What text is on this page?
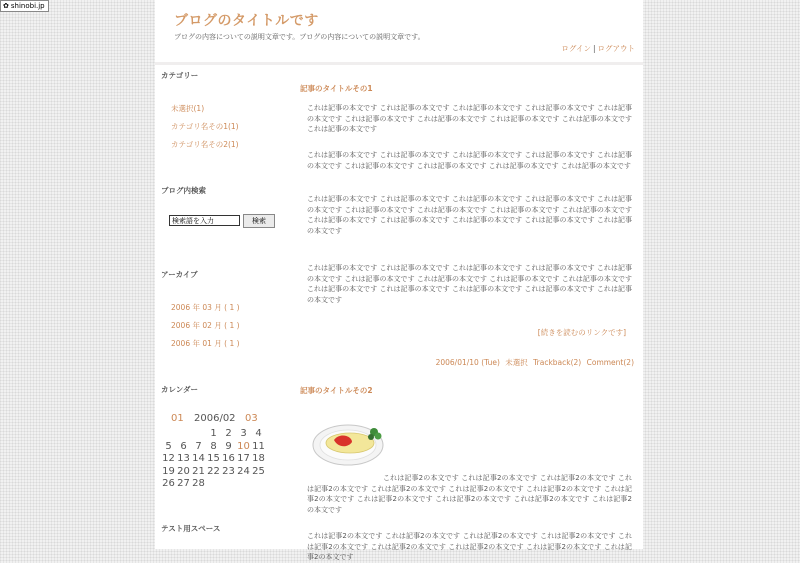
✿ shinobi.jp
ブログのタイトルです
ブログの内容についての説明文章です。ブログの内容についての説明文章です。
ログイン | ログアウト
カテゴリー
未選択(1)
カテゴリ名その1(1)
カテゴリ名その2(1)
ブログ内検索
検索語を入力
検索
アーカイブ
2006 年 03 月 ( 1 )
2006 年 02 月 ( 1 )
2006 年 01 月 ( 1 )
カレンダー
01 2006/02 03
1 2 3 4
5 6 7 8 9 10 11
12 13 14 15 16 17 18
19 20 21 22 23 24 25
26 27 28
テスト用スペース
記事のタイトルその1

これは記事の本文です これは記事の本文です これは記事の本文です これは記事の本文です これは記事の本文です これは記事の本文です これは記事の本文です これは記事の本文です これは記事の本文です これは記事の本文です

これは記事の本文です これは記事の本文です これは記事の本文です これは記事の本文です これは記事の本文です これは記事の本文です これは記事の本文です これは記事の本文です これは記事の本文です

これは記事の本文です これは記事の本文です これは記事の本文です これは記事の本文です これは記事の本文です これは記事の本文です これは記事の本文です これは記事の本文です これは記事の本文です これは記事の本文です これは記事の本文です これは記事の本文です これは記事の本文です これは記事の本文です

これは記事の本文です これは記事の本文です これは記事の本文です これは記事の本文です これは記事の本文です これは記事の本文です これは記事の本文です これは記事の本文です これは記事の本文です これは記事の本文です これは記事の本文です これは記事の本文です これは記事の本文です これは記事の本文です

[続きを読むのリンクです]
2006/01/10 (Tue) 未選択 Trackback(2) Comment(2)
記事のタイトルその2

これは記事2の本文です これは記事2の本文です これは記事2の本文です これは記事2の本文です これは記事2の本文です これは記事2の本文です これは記事2の本文です これは記事2の本文です これは記事2の本文です これは記事2の本文です これは記事2の本文です これは記事2の本文です

これは記事2の本文です これは記事2の本文です これは記事2の本文です これは記事2の本文です これは記事2の本文です これは記事2の本文です これは記事2の本文です これは記事2の本文です これは記事2の本文です
